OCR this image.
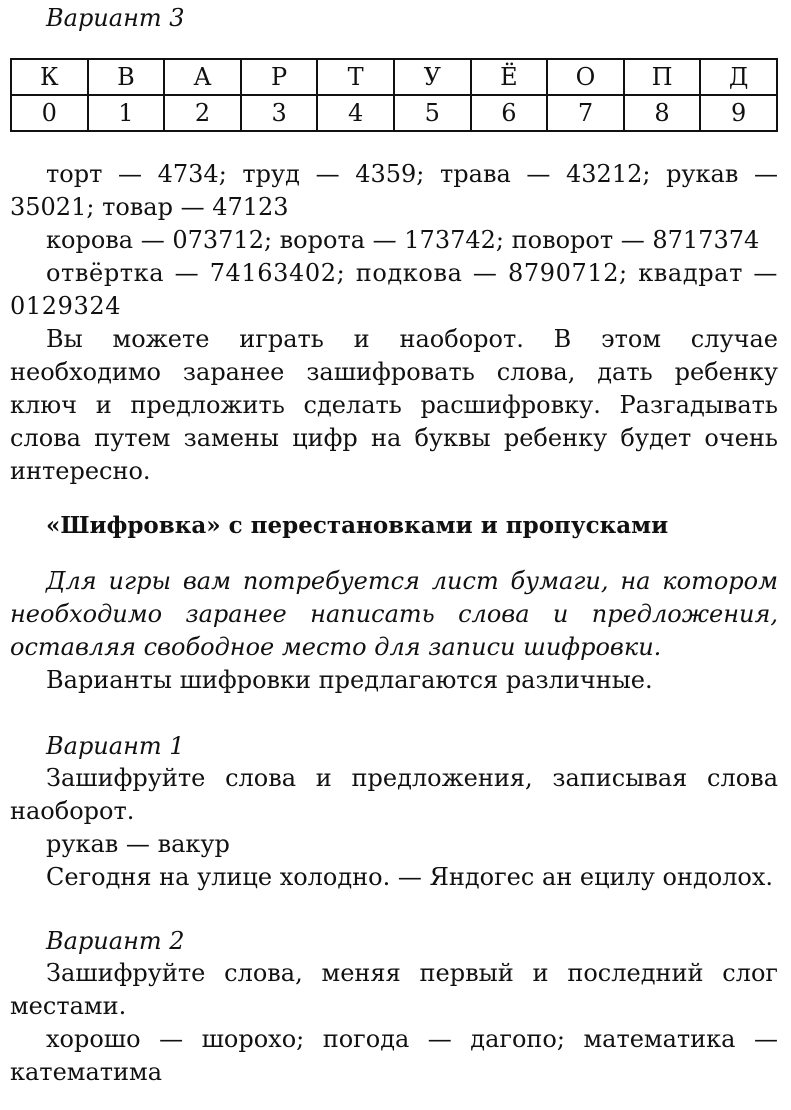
Вариант 3

К	В	А	Р	Т	У	Ё	О	П	Д
0	1	2	3	4	5	6	7	8	9

торт — 4734; труд — 4359; трава — 43212; рукав — 35021; товар — 47123

корова — 073712; ворота — 173742; поворот — 8717374

отвёртка — 74163402; подкова — 8790712; квадрат — 0129324

Вы можете играть и наоборот. В этом случае необходимо заранее зашифровать слова, дать ребенку ключ и предложить сделать расшифровку. Разгадывать слова путем замены цифр на буквы ребенку будет очень интересно.

«Шифровка» с перестановками и пропусками

Для игры вам потребуется лист бумаги, на котором необходимо заранее написать слова и предложения, оставляя свободное место для записи шифровки.

Варианты шифровки предлагаются различные.

Вариант 1

Зашифруйте слова и предложения, записывая слова наоборот.

рукав — вакур

Сегодня на улице холодно. — Яндогес ан ецилу ондолох.

Вариант 2

Зашифруйте слова, меняя первый и последний слог местами.

хорошо — шорохо; погода — дагопо; математика — катематима
